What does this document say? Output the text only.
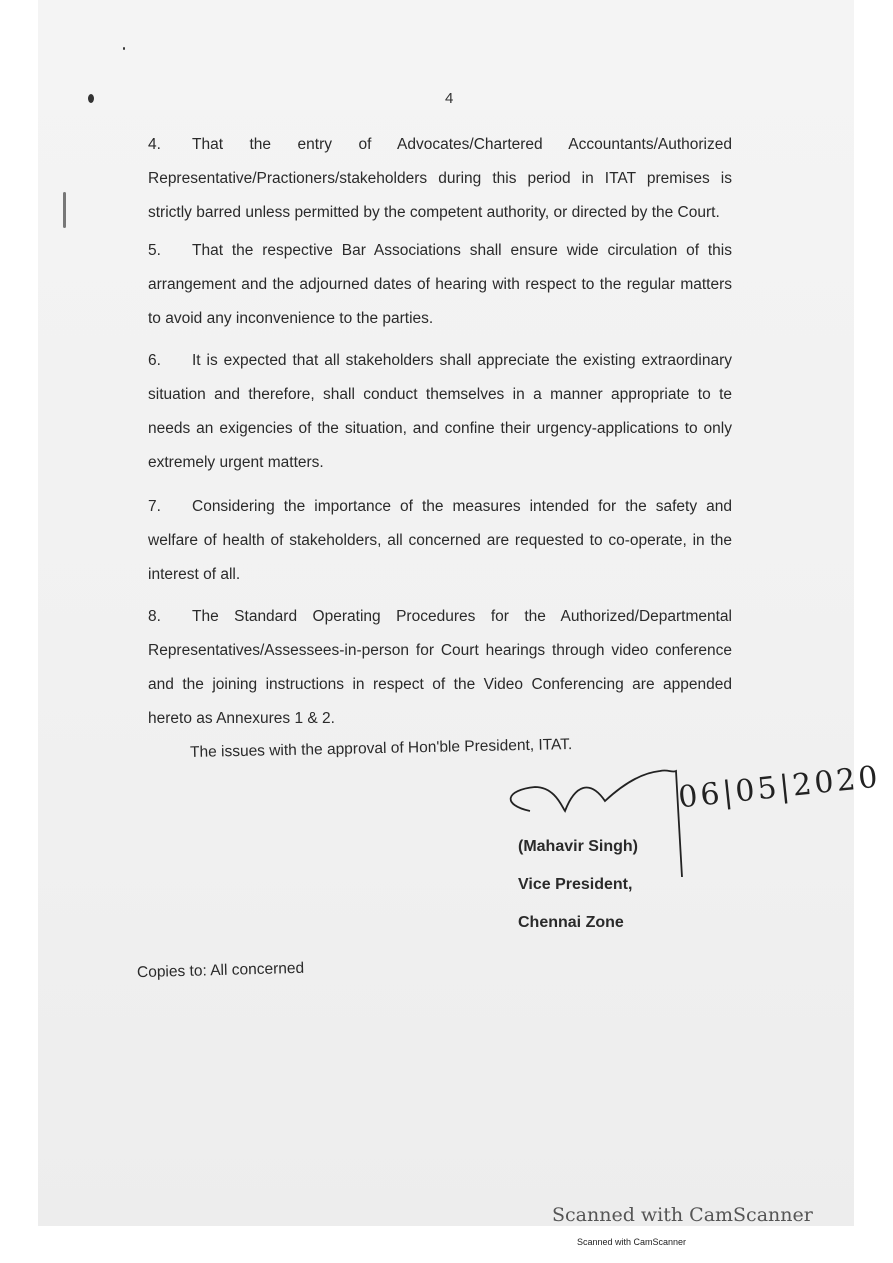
4

4. That the entry of Advocates/Chartered Accountants/Authorized Representative/Practioners/stakeholders during this period in ITAT premises is strictly barred unless permitted by the competent authority, or directed by the Court.

5. That the respective Bar Associations shall ensure wide circulation of this arrangement and the adjourned dates of hearing with respect to the regular matters to avoid any inconvenience to the parties.

6. It is expected that all stakeholders shall appreciate the existing extraordinary situation and therefore, shall conduct themselves in a manner appropriate to te needs an exigencies of the situation, and confine their urgency-applications to only extremely urgent matters.

7. Considering the importance of the measures intended for the safety and welfare of health of stakeholders, all concerned are requested to co-operate, in the interest of all.

8. The Standard Operating Procedures for the Authorized/Departmental Representatives/Assessees-in-person for Court hearings through video conference and the joining instructions in respect of the Video Conferencing are appended hereto as Annexures 1 & 2.

The issues with the approval of Hon'ble President, ITAT.
(Mahavir Singh)
Vice President,
Chennai Zone
06|05|2020
Copies to: All concerned
Scanned with CamScanner
Scanned with CamScanner
